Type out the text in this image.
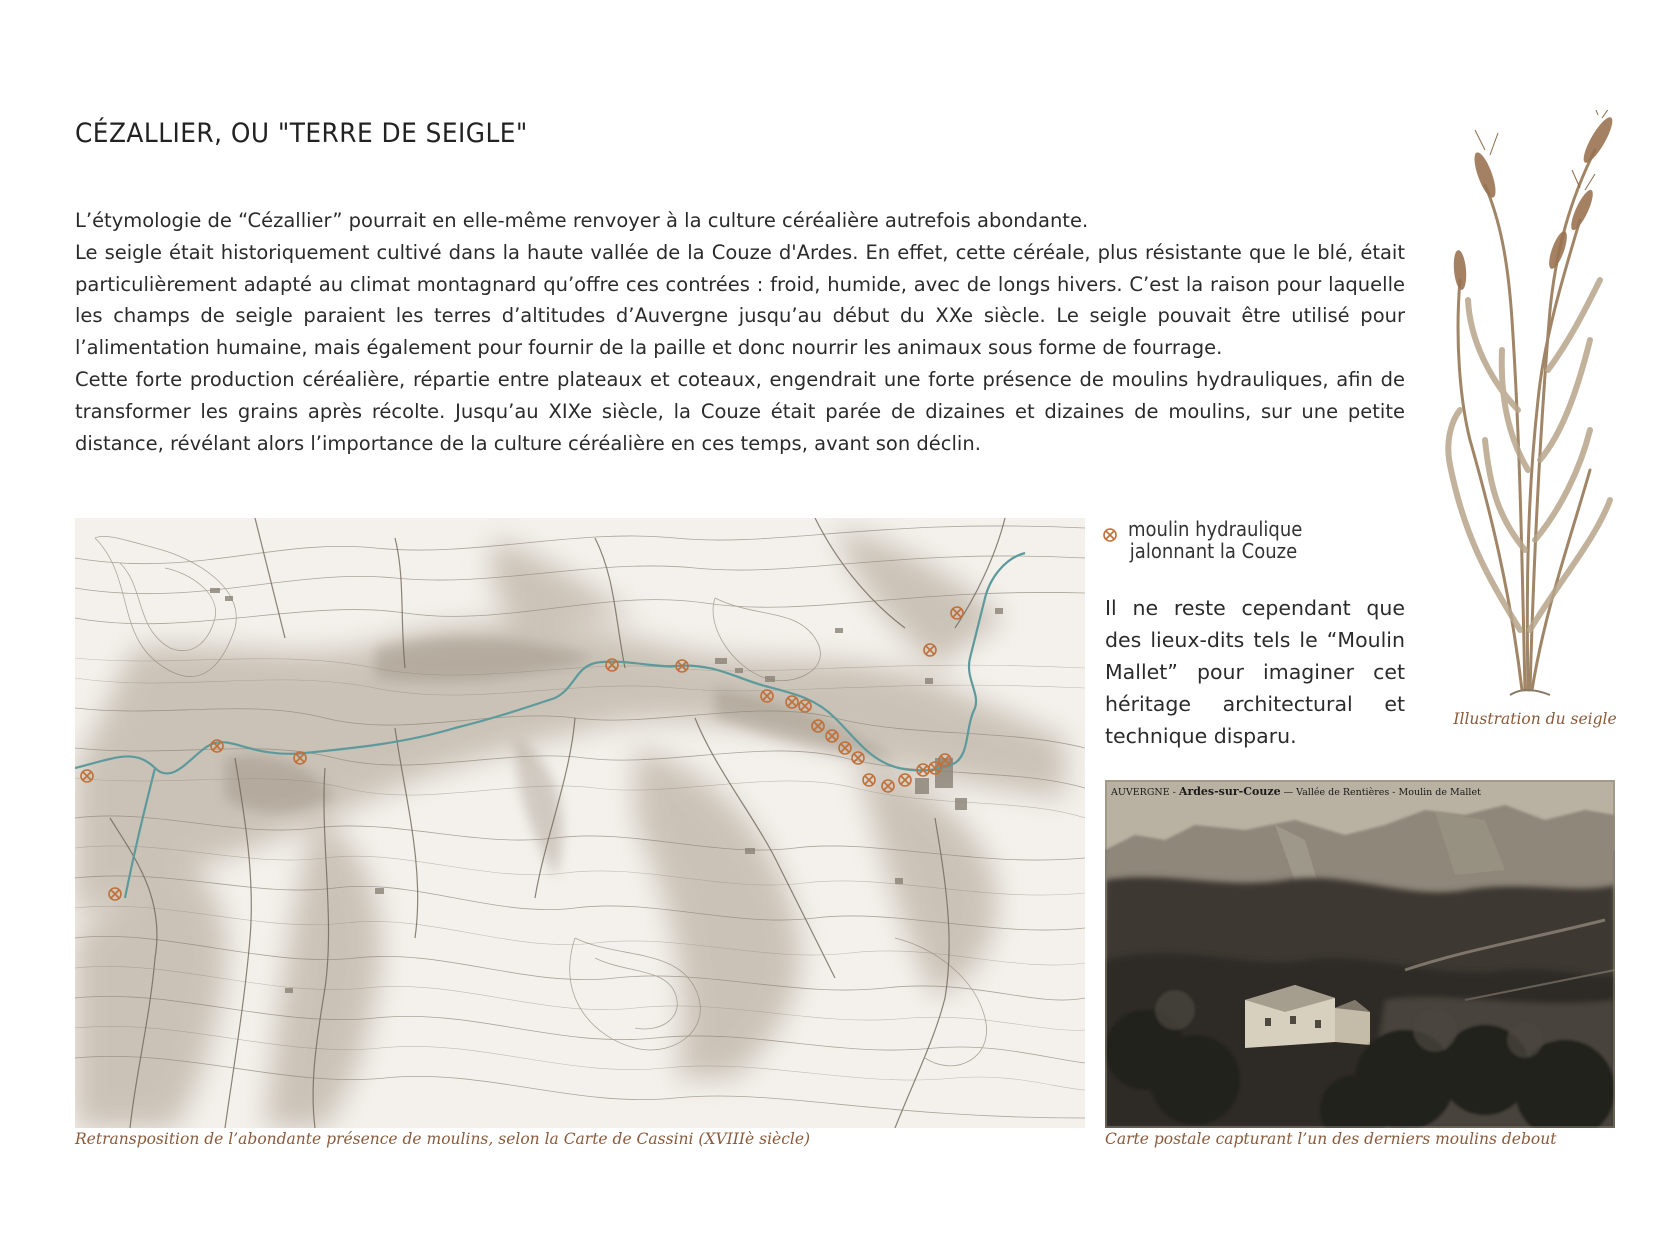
CÉZALLIER, OU "TERRE DE SEIGLE"

L’étymologie de “Cézallier” pourrait en elle-même renvoyer à la culture céréalière autrefois abondante.

Le seigle était historiquement cultivé dans la haute vallée de la Couze d'Ardes. En effet, cette céréale, plus résistante que le blé, était particulièrement adapté au climat montagnard qu’offre ces contrées : froid, humide, avec de longs hivers. C’est la raison pour laquelle les champs de seigle paraient les terres d’altitudes d’Auvergne jusqu’au début du XXe siècle. Le seigle pouvait être utilisé pour l’alimentation humaine, mais également pour fournir de la paille et donc nourrir les animaux sous forme de fourrage.

Cette forte production céréalière, répartie entre plateaux et coteaux, engendrait une forte présence de moulins hydrauliques, afin de transformer les grains après récolte. Jusqu’au XIXe siècle, la Couze était parée de dizaines et dizaines de moulins, sur une petite distance, révélant alors l’importance de la culture céréalière en ces temps, avant son déclin.

Illustration du seigle
Retransposition de l’abondante présence de moulins, selon la Carte de Cassini (XVIIIè siècle)
moulin hydraulique
jalonnant la Couze

Il ne reste cependant que des lieux-dits tels le “Moulin Mallet” pour imaginer cet héritage architectural et technique disparu.

AUVERGNE - Ardes-sur-Couze — Vallée de Rentières - Moulin de Mallet
Carte postale capturant l’un des derniers moulins debout
